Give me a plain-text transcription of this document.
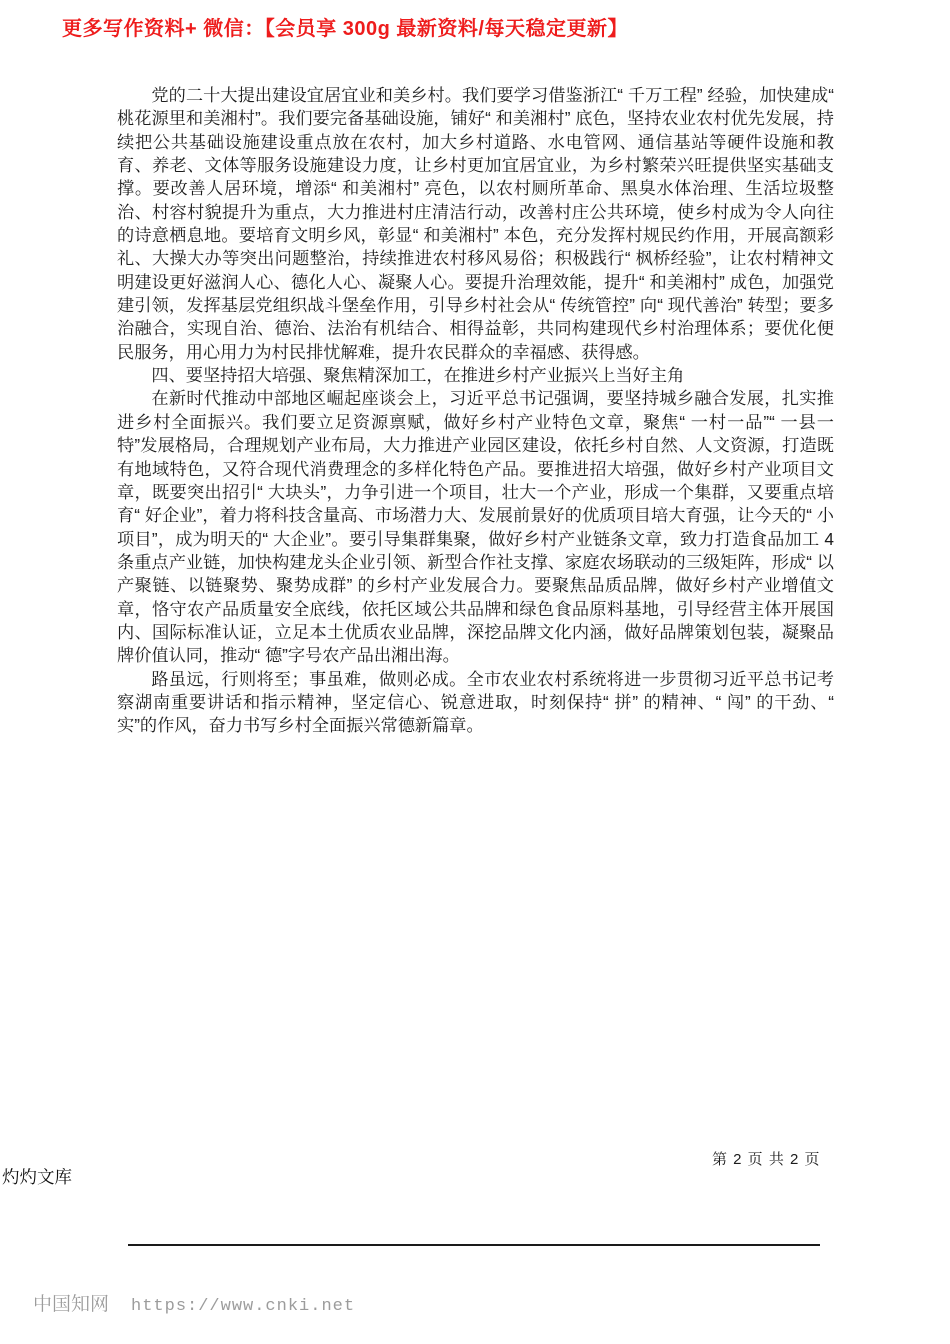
更多写作资料+ 微信：【会员享 300g 最新资料/每天稳定更新】

党的二十大提出建设宜居宜业和美乡村。我们要学习借鉴浙江“ 千万工程” 经验，加快建成“ 桃花源里和美湘村”。我们要完备基础设施，铺好“ 和美湘村” 底色，坚持农业农村优先发展，持续把公共基础设施建设重点放在农村，加大乡村道路、水电管网、通信基站等硬件设施和教育、养老、文体等服务设施建设力度，让乡村更加宜居宜业，为乡村繁荣兴旺提供坚实基础支撑。要改善人居环境，增添“ 和美湘村” 亮色，以农村厕所革命、黑臭水体治理、生活垃圾整治、村容村貌提升为重点，大力推进村庄清洁行动，改善村庄公共环境，使乡村成为令人向往的诗意栖息地。要培育文明乡风，彰显“ 和美湘村” 本色，充分发挥村规民约作用，开展高额彩礼、大操大办等突出问题整治，持续推进农村移风易俗；积极践行“ 枫桥经验”，让农村精神文明建设更好滋润人心、德化人心、凝聚人心。要提升治理效能，提升“ 和美湘村” 成色，加强党建引领，发挥基层党组织战斗堡垒作用，引导乡村社会从“ 传统管控” 向“ 现代善治” 转型；要多治融合，实现自治、德治、法治有机结合、相得益彰，共同构建现代乡村治理体系；要优化便民服务，用心用力为村民排忧解难，提升农民群众的幸福感、获得感。

四、要坚持招大培强、聚焦精深加工，在推进乡村产业振兴上当好主角

在新时代推动中部地区崛起座谈会上，习近平总书记强调，要坚持城乡融合发展，扎实推进乡村全面振兴。我们要立足资源禀赋，做好乡村产业特色文章，聚焦“ 一村一品”“ 一县一特”发展格局，合理规划产业布局，大力推进产业园区建设，依托乡村自然、人文资源，打造既有地域特色，又符合现代消费理念的多样化特色产品。要推进招大培强，做好乡村产业项目文章，既要突出招引“ 大块头”，力争引进一个项目，壮大一个产业，形成一个集群，又要重点培育“ 好企业”，着力将科技含量高、市场潜力大、发展前景好的优质项目培大育强，让今天的“ 小项目”，成为明天的“ 大企业”。要引导集群集聚，做好乡村产业链条文章，致力打造食品加工 4 条重点产业链，加快构建龙头企业引领、新型合作社支撑、家庭农场联动的三级矩阵，形成“ 以产聚链、以链聚势、聚势成群” 的乡村产业发展合力。要聚焦品质品牌，做好乡村产业增值文章，恪守农产品质量安全底线，依托区域公共品牌和绿色食品原料基地，引导经营主体开展国内、国际标准认证，立足本土优质农业品牌，深挖品牌文化内涵，做好品牌策划包装，凝聚品牌价值认同，推动“ 德”字号农产品出湘出海。

路虽远，行则将至；事虽难，做则必成。全市农业农村系统将进一步贯彻习近平总书记考察湖南重要讲话和指示精神，坚定信心、锐意进取，时刻保持“ 拼” 的精神、“ 闯” 的干劲、“ 实”的作风，奋力书写乡村全面振兴常德新篇章。

第 2 页 共 2 页
灼灼文库
中国知网 https://www.cnki.net
